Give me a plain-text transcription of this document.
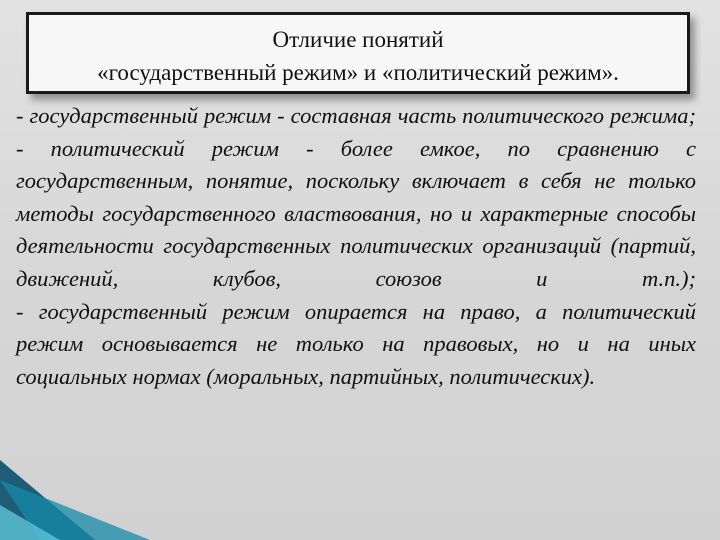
Отличие понятий
«государственный режим» и «политический режим».
- государственный режим - составная часть политического режима;
- политический режим - более емкое, по сравнению с государственным, понятие, поскольку включает в себя не только методы государственного властвования, но и характерные способы деятельности государственных политических организаций (партий, движений, клубов, союзов и т.п.);
- государственный режим опирается на право, а политический режим основывается не только на правовых, но и на иных социальных нормах (моральных, партийных, политических).
